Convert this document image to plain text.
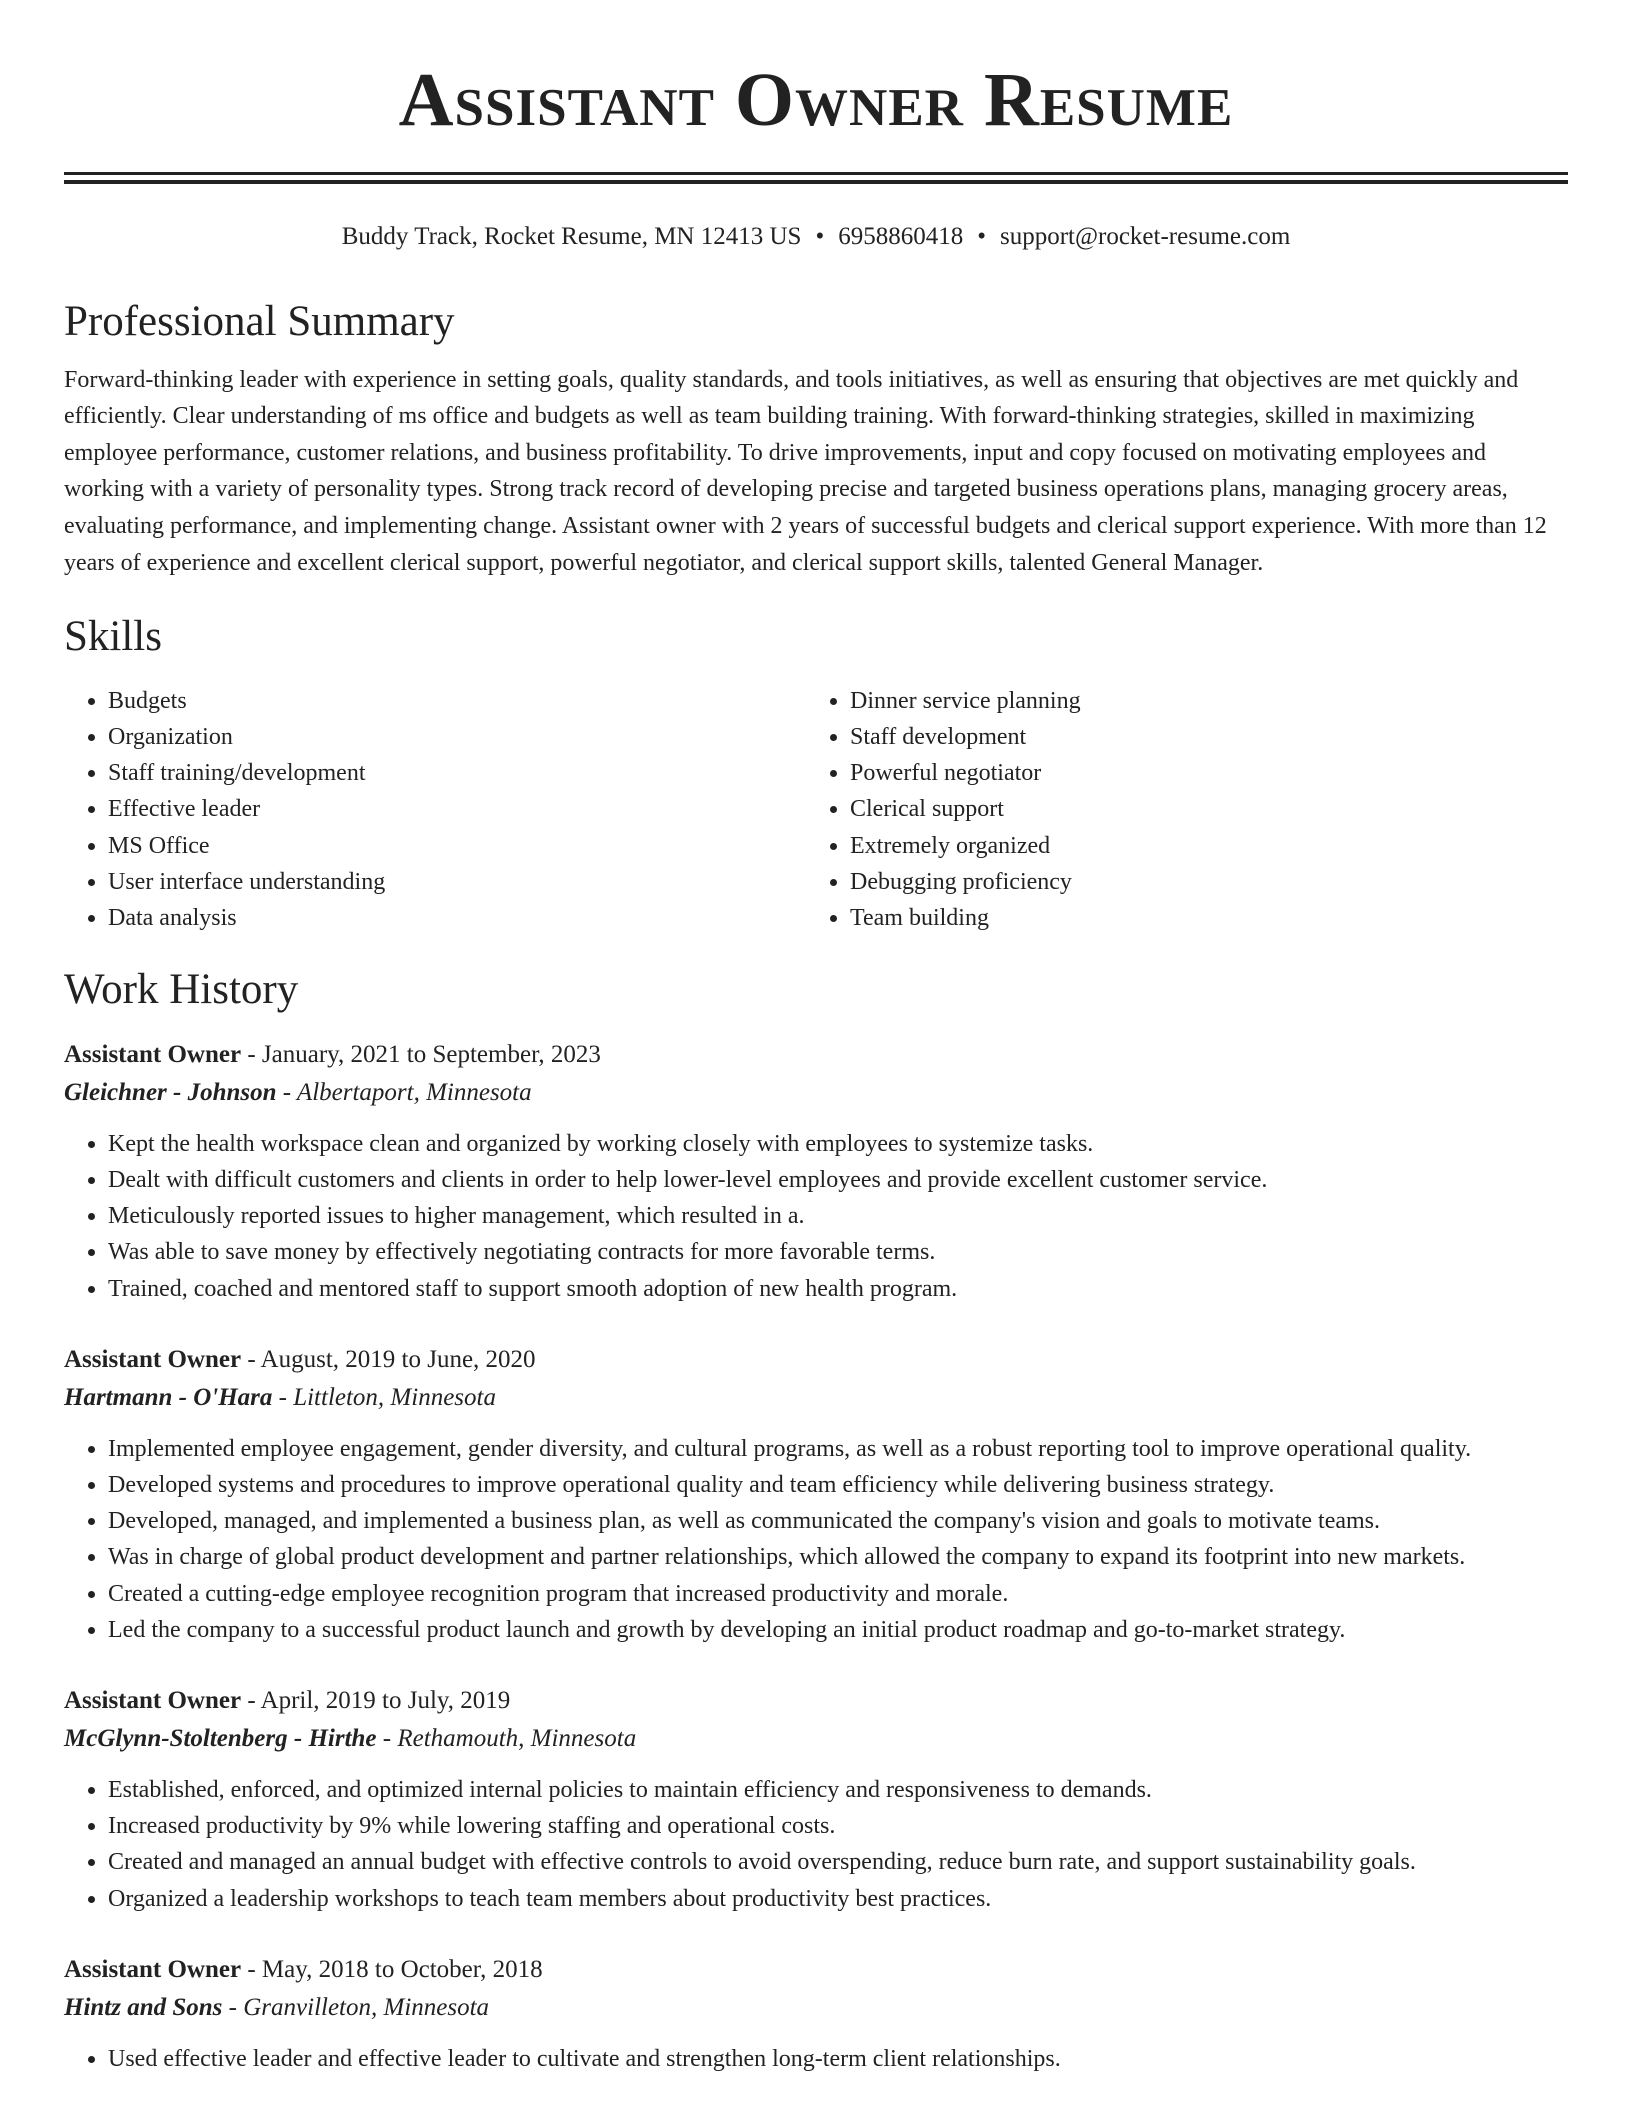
Assistant Owner Resume
Buddy Track, Rocket Resume, MN 12413 US • 6958860418 • support@rocket-resume.com
Professional Summary
Forward-thinking leader with experience in setting goals, quality standards, and tools initiatives, as well as ensuring that objectives are met quickly and efficiently. Clear understanding of ms office and budgets as well as team building training. With forward-thinking strategies, skilled in maximizing employee performance, customer relations, and business profitability. To drive improvements, input and copy focused on motivating employees and working with a variety of personality types. Strong track record of developing precise and targeted business operations plans, managing grocery areas, evaluating performance, and implementing change. Assistant owner with 2 years of successful budgets and clerical support experience. With more than 12 years of experience and excellent clerical support, powerful negotiator, and clerical support skills, talented General Manager.
Skills
• Budgets
• Organization
• Staff training/development
• Effective leader
• MS Office
• User interface understanding
• Data analysis
• Dinner service planning
• Staff development
• Powerful negotiator
• Clerical support
• Extremely organized
• Debugging proficiency
• Team building
Work History
Assistant Owner - January, 2021 to September, 2023
Gleichner - Johnson - Albertaport, Minnesota
• Kept the health workspace clean and organized by working closely with employees to systemize tasks.
• Dealt with difficult customers and clients in order to help lower-level employees and provide excellent customer service.
• Meticulously reported issues to higher management, which resulted in a.
• Was able to save money by effectively negotiating contracts for more favorable terms.
• Trained, coached and mentored staff to support smooth adoption of new health program.
Assistant Owner - August, 2019 to June, 2020
Hartmann - O'Hara - Littleton, Minnesota
• Implemented employee engagement, gender diversity, and cultural programs, as well as a robust reporting tool to improve operational quality.
• Developed systems and procedures to improve operational quality and team efficiency while delivering business strategy.
• Developed, managed, and implemented a business plan, as well as communicated the company's vision and goals to motivate teams.
• Was in charge of global product development and partner relationships, which allowed the company to expand its footprint into new markets.
• Created a cutting-edge employee recognition program that increased productivity and morale.
• Led the company to a successful product launch and growth by developing an initial product roadmap and go-to-market strategy.
Assistant Owner - April, 2019 to July, 2019
McGlynn-Stoltenberg - Hirthe - Rethamouth, Minnesota
• Established, enforced, and optimized internal policies to maintain efficiency and responsiveness to demands.
• Increased productivity by 9% while lowering staffing and operational costs.
• Created and managed an annual budget with effective controls to avoid overspending, reduce burn rate, and support sustainability goals.
• Organized a leadership workshops to teach team members about productivity best practices.
Assistant Owner - May, 2018 to October, 2018
Hintz and Sons - Granvilleton, Minnesota
• Used effective leader and effective leader to cultivate and strengthen long-term client relationships.
